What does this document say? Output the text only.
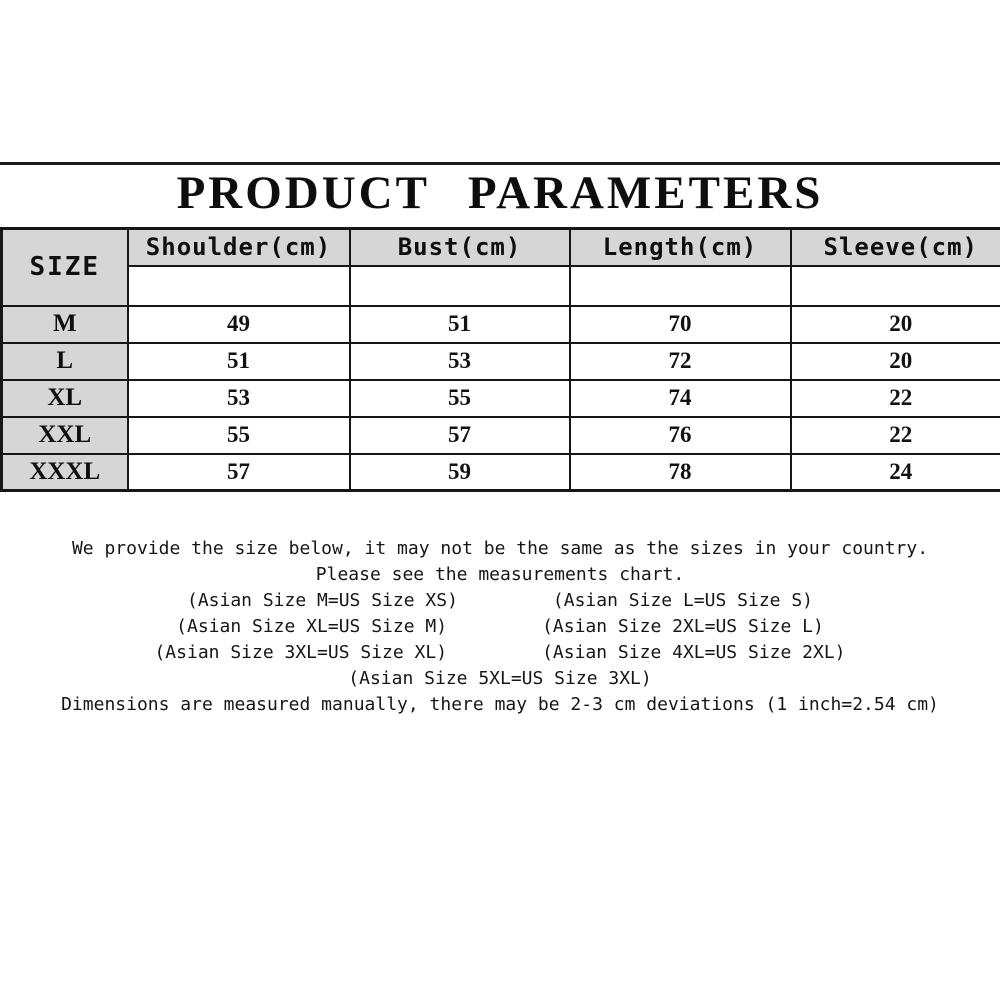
PRODUCT PARAMETERS
SIZE	Shoulder(cm)	Bust(cm)	Length(cm)	Sleeve(cm)

M	49	51	70	20
L	51	53	72	20
XL	53	55	74	22
XXL	55	57	76	22
XXXL	57	59	78	24

We provide the size below, it may not be the same as the sizes in your country.

Please see the measurements chart.

(Asian Size M=US Size XS)	(Asian Size L=US Size S)

(Asian Size XL=US Size M)	(Asian Size 2XL=US Size L)

(Asian Size 3XL=US Size XL)	(Asian Size 4XL=US Size 2XL)

(Asian Size 5XL=US Size 3XL)

Dimensions are measured manually, there may be 2-3 cm deviations (1 inch=2.54 cm)
